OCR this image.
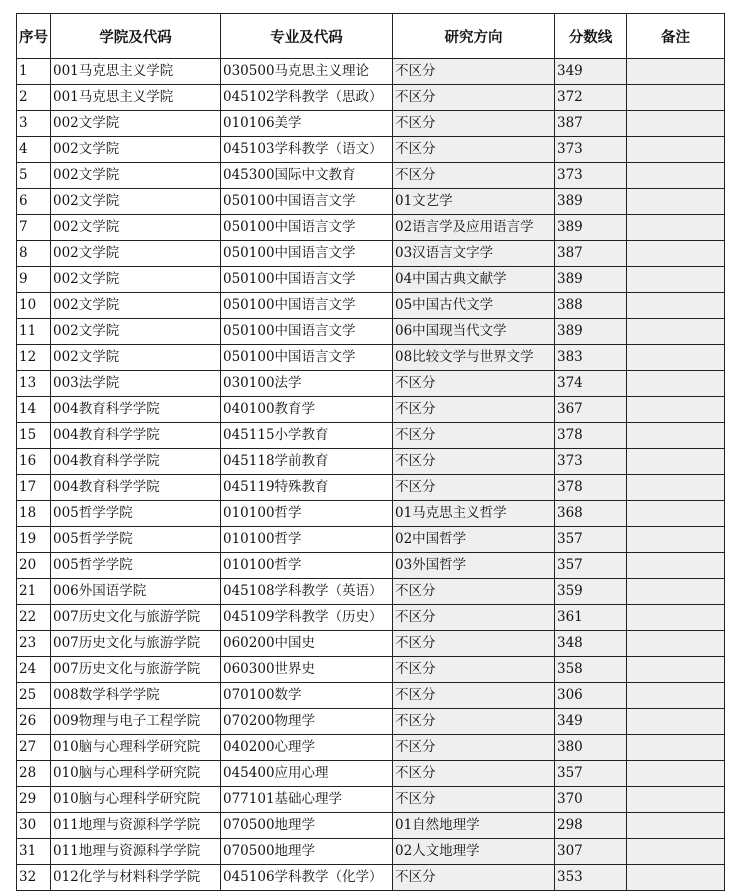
序号	学院及代码	专业及代码	研究方向	分数线	备注
1	001马克思主义学院	030500马克思主义理论	不区分	349	
2	001马克思主义学院	045102学科教学（思政）	不区分	372	
3	002文学院	010106美学	不区分	387	
4	002文学院	045103学科教学（语文）	不区分	373	
5	002文学院	045300国际中文教育	不区分	373	
6	002文学院	050100中国语言文学	01文艺学	389	
7	002文学院	050100中国语言文学	02语言学及应用语言学	389	
8	002文学院	050100中国语言文学	03汉语言文字学	387	
9	002文学院	050100中国语言文学	04中国古典文献学	389	
10	002文学院	050100中国语言文学	05中国古代文学	388	
11	002文学院	050100中国语言文学	06中国现当代文学	389	
12	002文学院	050100中国语言文学	08比较文学与世界文学	383	
13	003法学院	030100法学	不区分	374	
14	004教育科学学院	040100教育学	不区分	367	
15	004教育科学学院	045115小学教育	不区分	378	
16	004教育科学学院	045118学前教育	不区分	373	
17	004教育科学学院	045119特殊教育	不区分	378	
18	005哲学学院	010100哲学	01马克思主义哲学	368	
19	005哲学学院	010100哲学	02中国哲学	357	
20	005哲学学院	010100哲学	03外国哲学	357	
21	006外国语学院	045108学科教学（英语）	不区分	359	
22	007历史文化与旅游学院	045109学科教学（历史）	不区分	361	
23	007历史文化与旅游学院	060200中国史	不区分	348	
24	007历史文化与旅游学院	060300世界史	不区分	358	
25	008数学科学学院	070100数学	不区分	306	
26	009物理与电子工程学院	070200物理学	不区分	349	
27	010脑与心理科学研究院	040200心理学	不区分	380	
28	010脑与心理科学研究院	045400应用心理	不区分	357	
29	010脑与心理科学研究院	077101基础心理学	不区分	370	
30	011地理与资源科学学院	070500地理学	01自然地理学	298	
31	011地理与资源科学学院	070500地理学	02人文地理学	307	
32	012化学与材料科学学院	045106学科教学（化学）	不区分	353	
